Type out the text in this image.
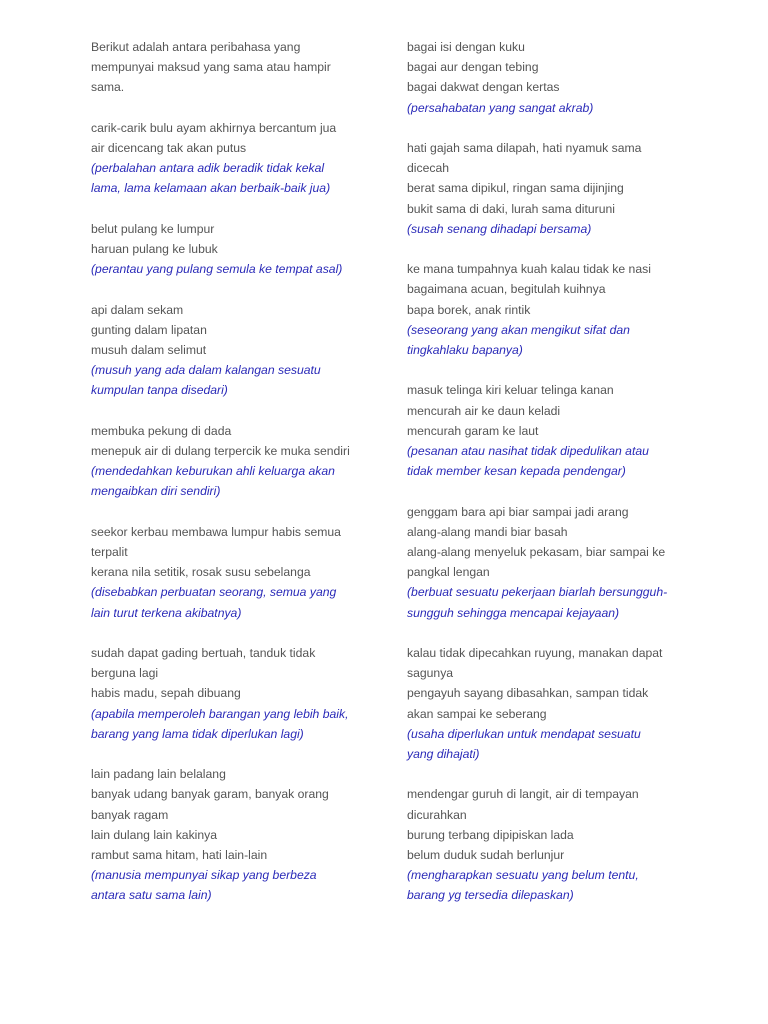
Berikut adalah antara peribahasa yang
mempunyai maksud yang sama atau hampir
sama.
carik-carik bulu ayam akhirnya bercantum jua
air dicencang tak akan putus
(perbalahan antara adik beradik tidak kekal
lama, lama kelamaan akan berbaik-baik jua)
belut pulang ke lumpur
haruan pulang ke lubuk
(perantau yang pulang semula ke tempat asal)
api dalam sekam
gunting dalam lipatan
musuh dalam selimut
(musuh yang ada dalam kalangan sesuatu
kumpulan tanpa disedari)
membuka pekung di dada
menepuk air di dulang terpercik ke muka sendiri
(mendedahkan keburukan ahli keluarga akan
mengaibkan diri sendiri)
seekor kerbau membawa lumpur habis semua
terpalit
kerana nila setitik, rosak susu sebelanga
(disebabkan perbuatan seorang, semua yang
lain turut terkena akibatnya)
sudah dapat gading bertuah, tanduk tidak
berguna lagi
habis madu, sepah dibuang
(apabila memperoleh barangan yang lebih baik,
barang yang lama tidak diperlukan lagi)
lain padang lain belalang
banyak udang banyak garam, banyak orang
banyak ragam
lain dulang lain kakinya
rambut sama hitam, hati lain-lain
(manusia mempunyai sikap yang berbeza
antara satu sama lain)
bagai isi dengan kuku
bagai aur dengan tebing
bagai dakwat dengan kertas
(persahabatan yang sangat akrab)
hati gajah sama dilapah, hati nyamuk sama
dicecah
berat sama dipikul, ringan sama dijinjing
bukit sama di daki, lurah sama dituruni
(susah senang dihadapi bersama)
ke mana tumpahnya kuah kalau tidak ke nasi
bagaimana acuan, begitulah kuihnya
bapa borek, anak rintik
(seseorang yang akan mengikut sifat dan
tingkahlaku bapanya)
masuk telinga kiri keluar telinga kanan
mencurah air ke daun keladi
mencurah garam ke laut
(pesanan atau nasihat tidak dipedulikan atau
tidak member kesan kepada pendengar)
genggam bara api biar sampai jadi arang
alang-alang mandi biar basah
alang-alang menyeluk pekasam, biar sampai ke
pangkal lengan
(berbuat sesuatu pekerjaan biarlah bersungguh-
sungguh sehingga mencapai kejayaan)
kalau tidak dipecahkan ruyung, manakan dapat
sagunya
pengayuh sayang dibasahkan, sampan tidak
akan sampai ke seberang
(usaha diperlukan untuk mendapat sesuatu
yang dihajati)
mendengar guruh di langit, air di tempayan
dicurahkan
burung terbang dipipiskan lada
belum duduk sudah berlunjur
(mengharapkan sesuatu yang belum tentu,
barang yg tersedia dilepaskan)
